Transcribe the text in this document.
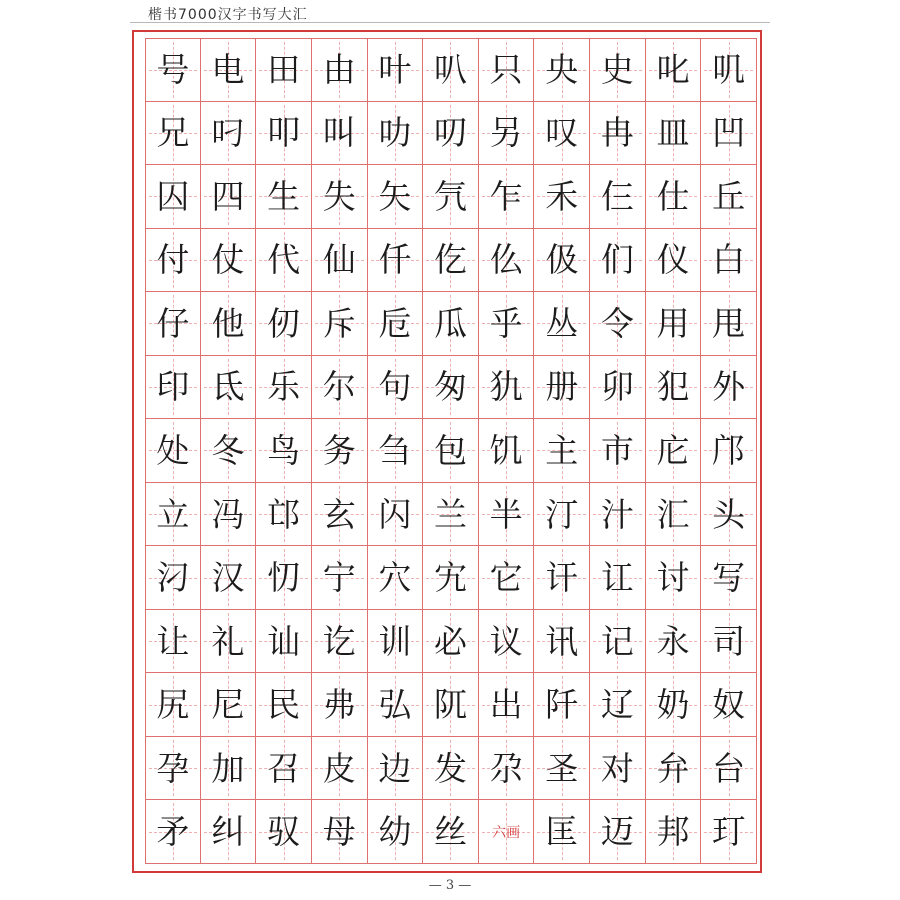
楷书7000汉字书写大汇
号 电 田 由 叶 叭 只 央 史 叱 叽
兄 叼 叩 叫 叻 叨 另 叹 冉 皿 凹
囚 四 生 失 矢 氕 乍 禾 仨 仕 丘
付 仗 代 仙 仟 仡 仫 伋 们 仪 白
仔 他 仞 斥 卮 瓜 乎 丛 令 用 甩
印 氐 乐 尔 句 匆 犰 册 卯 犯 外
处 冬 鸟 务 刍 包 饥 主 市 庀 邝
立 冯 邙 玄 闪 兰 半 汀 汁 汇 头
汈 汉 忉 宁 穴 宄 它 讦 讧 讨 写
让 礼 讪 讫 训 必 议 讯 记 永 司
尻 尼 民 弗 弘 阢 出 阡 辽 奶 奴
孕 加 召 皮 边 发 尕 圣 对 弁 台
矛 纠 驭 母 幼 丝 六画 匡 迈 邦 玎
— 3 —
